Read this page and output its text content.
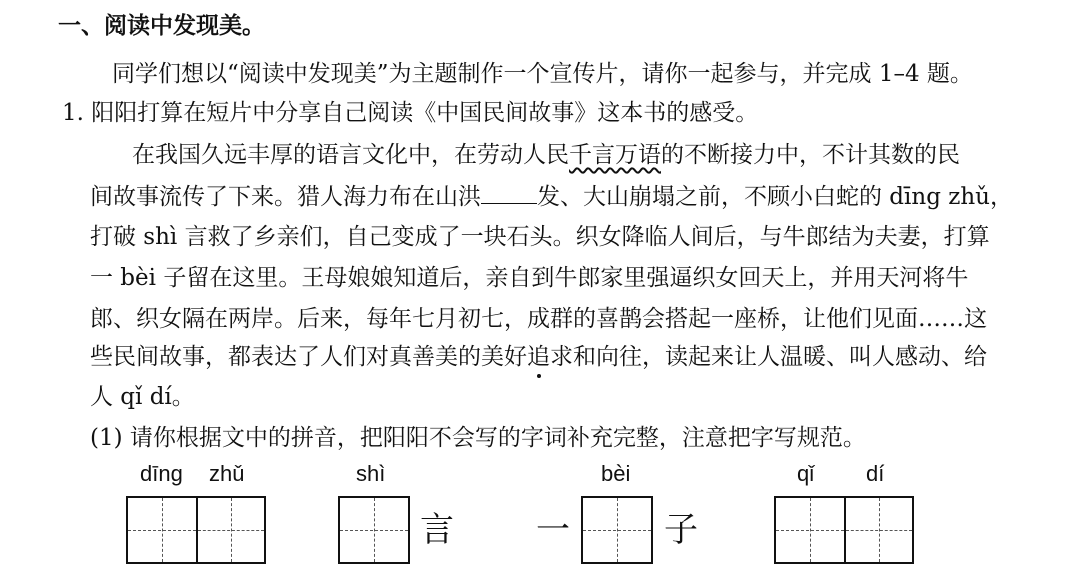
一、阅读中发现美。
同学们想以“阅读中发现美”为主题制作一个宣传片，请你一起参与，并完成 1–4 题。
1. 阳阳打算在短片中分享自己阅读《中国民间故事》这本书的感受。
在我国久远丰厚的语言文化中，在劳动人民千言万语的不断接力中，不计其数的民
间故事流传了下来。猎人海力布在山洪 发、大山崩塌之前，不顾小白蛇的 dīng zhǔ，
打破 shì 言救了乡亲们，自己变成了一块石头。织女降临人间后，与牛郎结为夫妻，打算
一 bèi 子留在这里。王母娘娘知道后，亲自到牛郎家里强逼织女回天上，并用天河将牛
郎、织女隔在两岸。后来，每年七月初七，成群的喜鹊会搭起一座桥，让他们见面……这
些民间故事，都表达了人们对真善美的美好追求和向往，读起来让人温暖、叫人感动、给
人 qǐ dí。
(1) 请你根据文中的拼音，把阳阳不会写的字词补充完整，注意把字写规范。
dīng zhǔ	shì	bèi	qǐ dí
言 一	子
